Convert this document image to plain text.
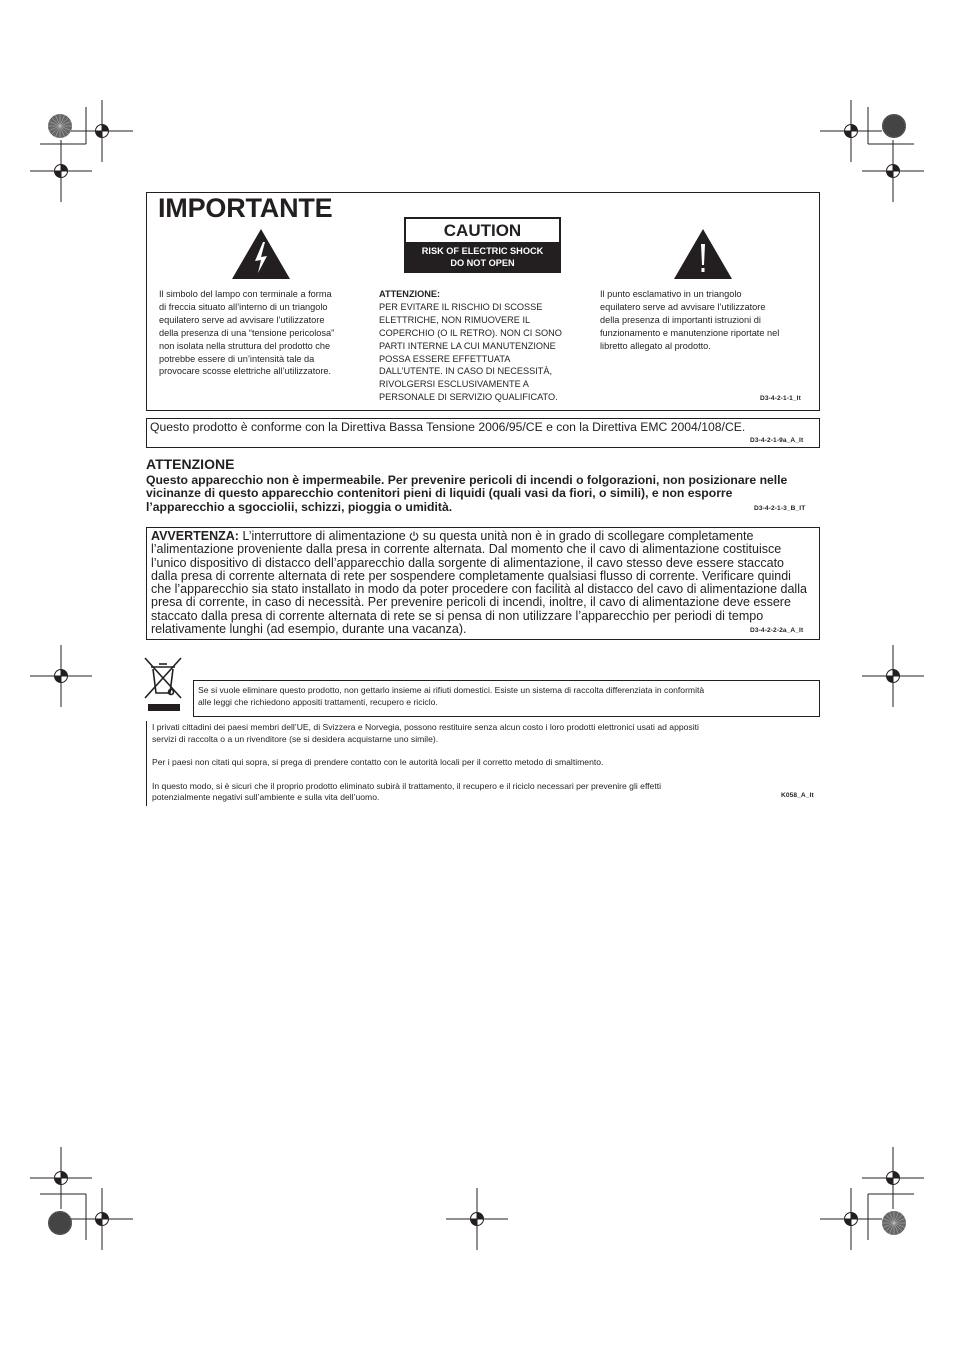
IMPORTANTE
CAUTION
RISK OF ELECTRIC SHOCK
DO NOT OPEN
Il simbolo del lampo con terminale a forma
di freccia situato all’interno di un triangolo
equilatero serve ad avvisare l’utilizzatore
della presenza di una “tensione pericolosa”
non isolata nella struttura del prodotto che
potrebbe essere di un’intensità tale da
provocare scosse elettriche all’utilizzatore.
ATTENZIONE:
PER EVITARE IL RISCHIO DI SCOSSE
ELETTRICHE, NON RIMUOVERE IL
COPERCHIO (O IL RETRO). NON CI SONO
PARTI INTERNE LA CUI MANUTENZIONE
POSSA ESSERE EFFETTUATA
DALL’UTENTE. IN CASO DI NECESSITÀ,
RIVOLGERSI ESCLUSIVAMENTE A
PERSONALE DI SERVIZIO QUALIFICATO.
Il punto esclamativo in un triangolo
equilatero serve ad avvisare l’utilizzatore
della presenza di importanti istruzioni di
funzionamento e manutenzione riportate nel
libretto allegato al prodotto.
D3-4-2-1-1_It
Questo prodotto è conforme con la Direttiva Bassa Tensione 2006/95/CE e con la Direttiva EMC 2004/108/CE.
D3-4-2-1-9a_A_It
ATTENZIONE
Questo apparecchio non è impermeabile. Per prevenire pericoli di incendi o folgorazioni, non posizionare nelle
vicinanze di questo apparecchio contenitori pieni di liquidi (quali vasi da fiori, o simili), e non esporre
l’apparecchio a sgocciolii, schizzi, pioggia o umidità.	D3-4-2-1-3_B_IT
AVVERTENZA: L’interruttore di alimentazione su questa unità non è in grado di scollegare completamente
l’alimentazione proveniente dalla presa in corrente alternata. Dal momento che il cavo di alimentazione costituisce
l’unico dispositivo di distacco dell’apparecchio dalla sorgente di alimentazione, il cavo stesso deve essere staccato
dalla presa di corrente alternata di rete per sospendere completamente qualsiasi flusso di corrente. Verificare quindi
che l’apparecchio sia stato installato in modo da poter procedere con facilità al distacco del cavo di alimentazione dalla
presa di corrente, in caso di necessità. Per prevenire pericoli di incendi, inoltre, il cavo di alimentazione deve essere
staccato dalla presa di corrente alternata di rete se si pensa di non utilizzare l’apparecchio per periodi di tempo
relativamente lunghi (ad esempio, durante una vacanza).	D3-4-2-2-2a_A_It
Se si vuole eliminare questo prodotto, non gettarlo insieme ai rifiuti domestici. Esiste un sistema di raccolta differenziata in conformità
alle leggi che richiedono appositi trattamenti, recupero e riciclo.
I privati cittadini dei paesi membri dell’UE, di Svizzera e Norvegia, possono restituire senza alcun costo i loro prodotti elettronici usati ad appositi
servizi di raccolta o a un rivenditore (se si desidera acquistarne uno simile).
Per i paesi non citati qui sopra, si prega di prendere contatto con le autorità locali per il corretto metodo di smaltimento.
In questo modo, si è sicuri che il proprio prodotto eliminato subirà il trattamento, il recupero e il riciclo necessari per prevenire gli effetti
potenzialmente negativi sull’ambiente e sulla vita dell’uomo.	K058_A_It
